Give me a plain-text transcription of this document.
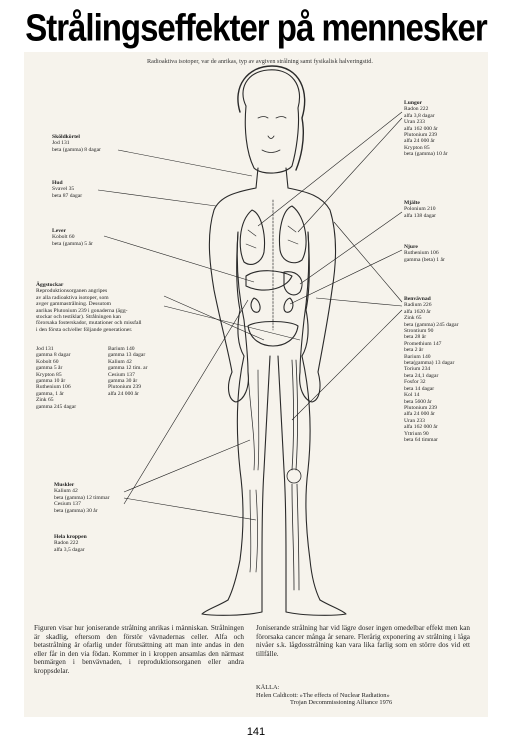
Strålingseffekter på mennesker
Radioaktiva isotoper, var de anrikas, typ av avgiven strålning samt fysikalisk halveringstid.
Sköldkörtel
Jod 131
beta (gamma) 8 dagar
Hud
Svavel 35
beta 87 dagar
Lever
Kobolt 60
beta (gamma) 5 år
Äggstockar
Reproduktionsorganen angripes
av alla radioaktiva isotoper, som
avger gammastrålning. Dessutom
anrikas Plutonium 239 i gonaderna (ägg-
stockar och testiklar). Strålningen kan
förorsaka fosterskador, mutationer och missfall
i den första och/eller följande generationer.
Jod 131
gamma 8 dagar
Kobolt 60
gamma 5 år
Krypton 85
gamma 10 år
Ruthenium 106
gamma, 1 år
Zink 65
gamma 245 dagar
Barium 140
gamma 13 dagar
Kalium 42
gamma 12 tim. ar
Cesium 137
gamma 30 år
Plutonium 239
alfa 24 000 år
Muskler
Kalium 42
beta (gamma) 12 timmar
Cesium 137
beta (gamma) 30 år
Hela kroppen
Radon 222
alfa 3,5 dagar
Lungor
Radon 222
alfa 3,8 dagar
Uran 233
alfa 162 000 år
Plutonium 239
alfa 24 000 år
Krypton 85
beta (gamma) 10 år
Mjälte
Polonium 210
alfa 138 dagar
Njure
Ruthenium 106
gamma (beta) 1 år
Benvävnad
Radium 226
alfa 1620 år
Zink 65
beta (gamma) 245 dagar
Strontium 90
beta 28 år
Promethium 147
beta 2 år
Barium 140
beta(gamma) 13 dagar
Torium 234
beta 24,1 dagar
Fosfor 32
beta 14 dagar
Kol 14
beta 5600 år
Plutonium 239
alfa 24 000 år
Uran 233
alfa 162 000 år
Yttrium 90
beta 64 timmar
Figuren visar hur joniserande strålning anrikas i människan. Strålningen är skadlig, eftersom den förstör vävnadernas celler. Alfa och betastrålning är ofarlig under förutsättning att man inte andas in den eller får in den via födan. Kommer in i kroppen ansamlas den närmast benmärgen i benvävnaden, i reproduktionsorganen eller andra kroppsdelar.
Joniserande strålning har vid lägre doser ingen omedelbar effekt men kan förorsaka cancer många år senare. Flerårig exponering av strålning i låga nivåer s.k. lågdosstrålning kan vara lika farlig som en större dos vid ett tillfälle.
KÄLLA:
Helen Caldicott: »The effects of Nuclear Radiation»
Trojan Decommissioning Alliance 1976
141
